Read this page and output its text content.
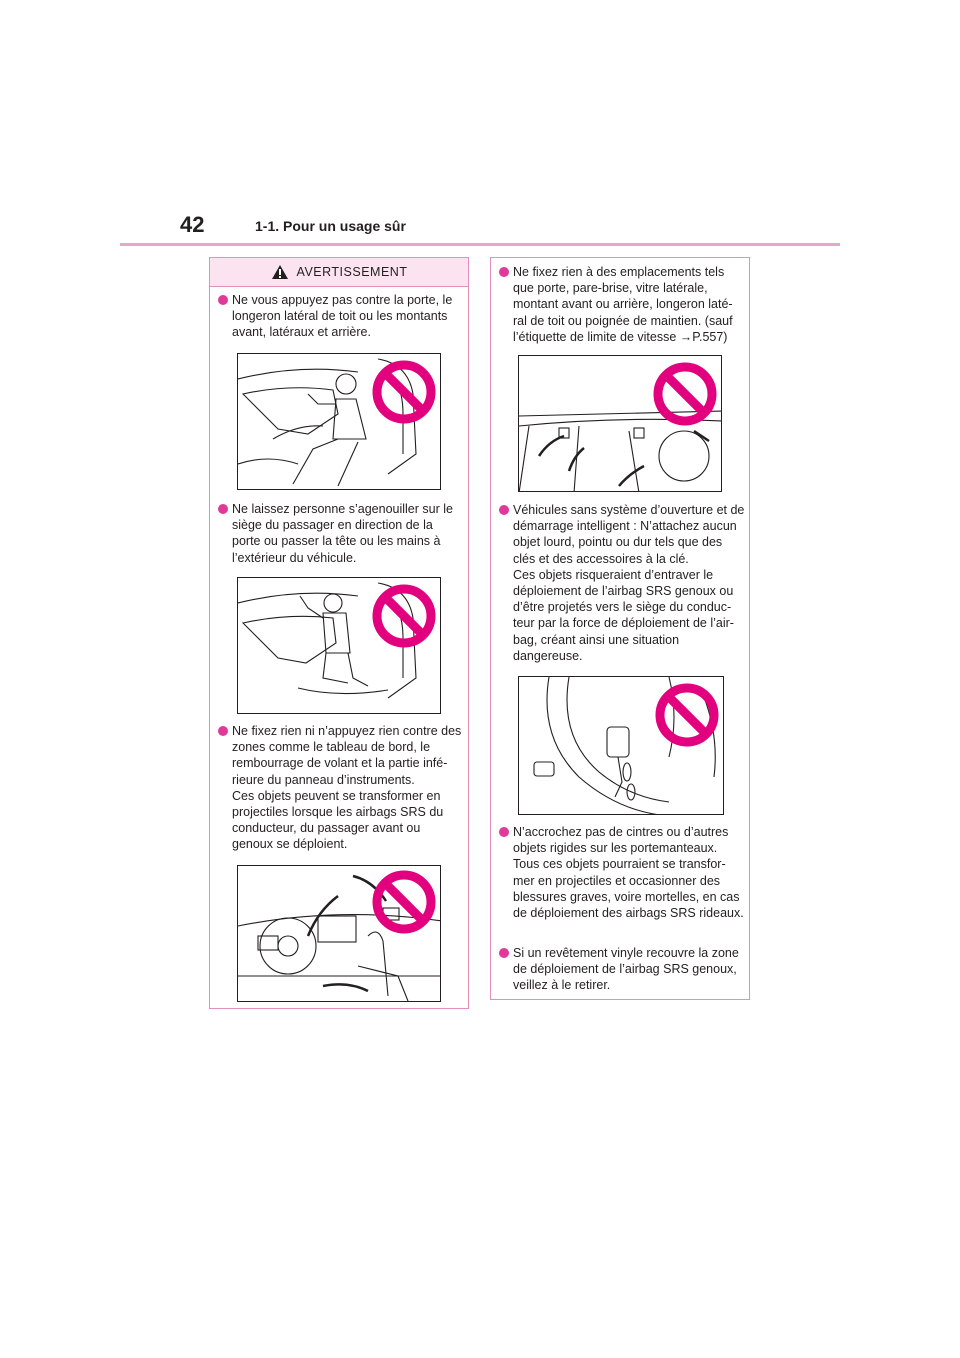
42	1-1. Pour un usage sûr
AVERTISSEMENT
Ne vous appuyez pas contre la porte, le longeron latéral de toit ou les montants avant, latéraux et arrière.
Ne laissez personne s’agenouiller sur le siège du passager en direction de la porte ou passer la tête ou les mains à l’extérieur du véhicule.
Ne fixez rien ni n’appuyez rien contre des zones comme le tableau de bord, le rembourrage de volant et la partie infé-
rieure du panneau d’instruments.
Ces objets peuvent se transformer en projectiles lorsque les airbags SRS du conducteur, du passager avant ou genoux se déploient.
Ne fixez rien à des emplacements tels que porte, pare-brise, vitre latérale, montant avant ou arrière, longeron laté-
ral de toit ou poignée de maintien. (sauf l’étiquette de limite de vitesse →P.557)
Véhicules sans système d’ouverture et de démarrage intelligent : N’attachez aucun objet lourd, pointu ou dur tels que des clés et des accessoires à la clé.
Ces objets risqueraient d’entraver le déploiement de l’airbag SRS genoux ou d’être projetés vers le siège du conduc-
teur par la force de déploiement de l’air-
bag, créant ainsi une situation dangereuse.
N’accrochez pas de cintres ou d’autres objets rigides sur les portemanteaux.
Tous ces objets pourraient se transfor-
mer en projectiles et occasionner des blessures graves, voire mortelles, en cas de déploiement des airbags SRS rideaux.
Si un revêtement vinyle recouvre la zone de déploiement de l’airbag SRS genoux, veillez à le retirer.
